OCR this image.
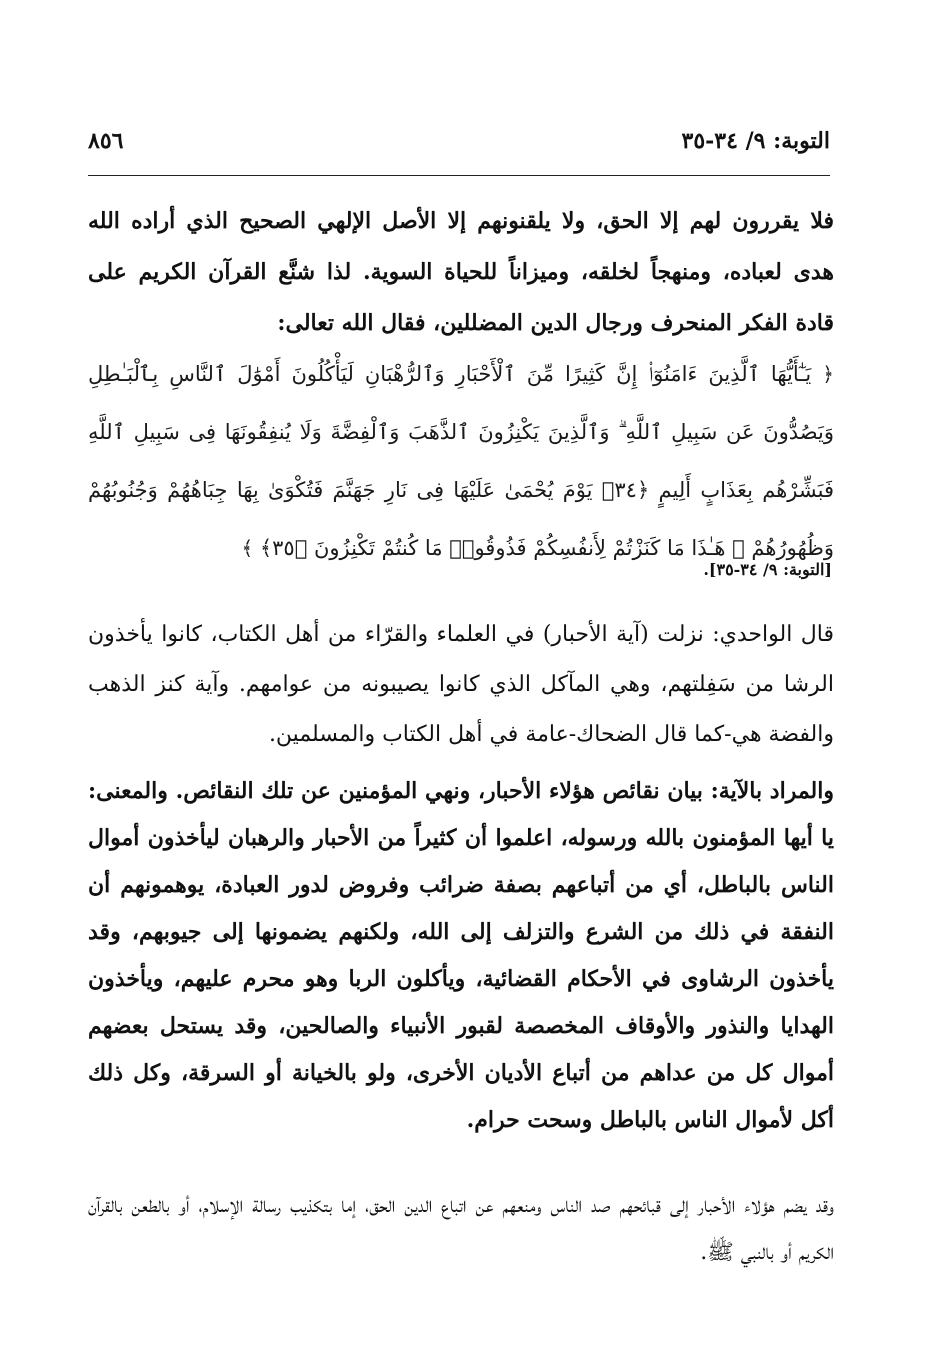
٨٥٦	التوبة: ٩/ ٣٤-٣٥

فلا يقررون لهم إلا الحق، ولا يلقنونهم إلا الأصل الإلهي الصحيح الذي أراده الله هدى لعباده، ومنهجاً لخلقه، وميزاناً للحياة السوية. لذا شنَّع القرآن الكريم على قادة الفكر المنحرف ورجال الدين المضللين، فقال الله تعالى:

﴿ يَـٰٓأَيُّهَا ٱلَّذِينَ ءَامَنُوٓا۟ إِنَّ كَثِيرًا مِّنَ ٱلْأَحْبَارِ وَٱلرُّهْبَانِ لَيَأْكُلُونَ أَمْوَٰلَ ٱلنَّاسِ بِٱلْبَـٰطِلِ وَيَصُدُّونَ عَن سَبِيلِ ٱللَّهِ ۗ وَٱلَّذِينَ يَكْنِزُونَ ٱلذَّهَبَ وَٱلْفِضَّةَ وَلَا يُنفِقُونَهَا فِى سَبِيلِ ٱللَّهِ فَبَشِّرْهُم بِعَذَابٍ أَلِيمٍ ﴿٣٤﴾ يَوْمَ يُحْمَىٰ عَلَيْهَا فِى نَارِ جَهَنَّمَ فَتُكْوَىٰ بِهَا جِبَاهُهُمْ وَجُنُوبُهُمْ وَظُهُورُهُمْ ۖ هَـٰذَا مَا كَنَزْتُمْ لِأَنفُسِكُمْ فَذُوقُوا۟ مَا كُنتُمْ تَكْنِزُونَ ﴿٣٥﴾ ﴾

[التوبة: ٩/ ٣٤-٣٥].

قال الواحدي: نزلت (آية الأحبار) في العلماء والقرّاء من أهل الكتاب، كانوا يأخذون الرشا من سَفِلتهم، وهي المآكل الذي كانوا يصيبونه من عوامهم. وآية كنز الذهب والفضة هي-كما قال الضحاك-عامة في أهل الكتاب والمسلمين.

والمراد بالآية: بيان نقائص هؤلاء الأحبار، ونهي المؤمنين عن تلك النقائص. والمعنى: يا أيها المؤمنون بالله ورسوله، اعلموا أن كثيراً من الأحبار والرهبان ليأخذون أموال الناس بالباطل، أي من أتباعهم بصفة ضرائب وفروض لدور العبادة، يوهمونهم أن النفقة في ذلك من الشرع والتزلف إلى الله، ولكنهم يضمونها إلى جيوبهم، وقد يأخذون الرشاوى في الأحكام القضائية، ويأكلون الربا وهو محرم عليهم، ويأخذون الهدايا والنذور والأوقاف المخصصة لقبور الأنبياء والصالحين، وقد يستحل بعضهم أموال كل من عداهم من أتباع الأديان الأخرى، ولو بالخيانة أو السرقة، وكل ذلك أكل لأموال الناس بالباطل وسحت حرام.

وقد يضم هؤلاء الأحبار إلى قبائحهم صد الناس ومنعهم عن اتباع الدين الحق، إما بتكذيب رسالة الإسلام، أو بالطعن بالقرآن الكريم أو بالنبي ﷺ.
